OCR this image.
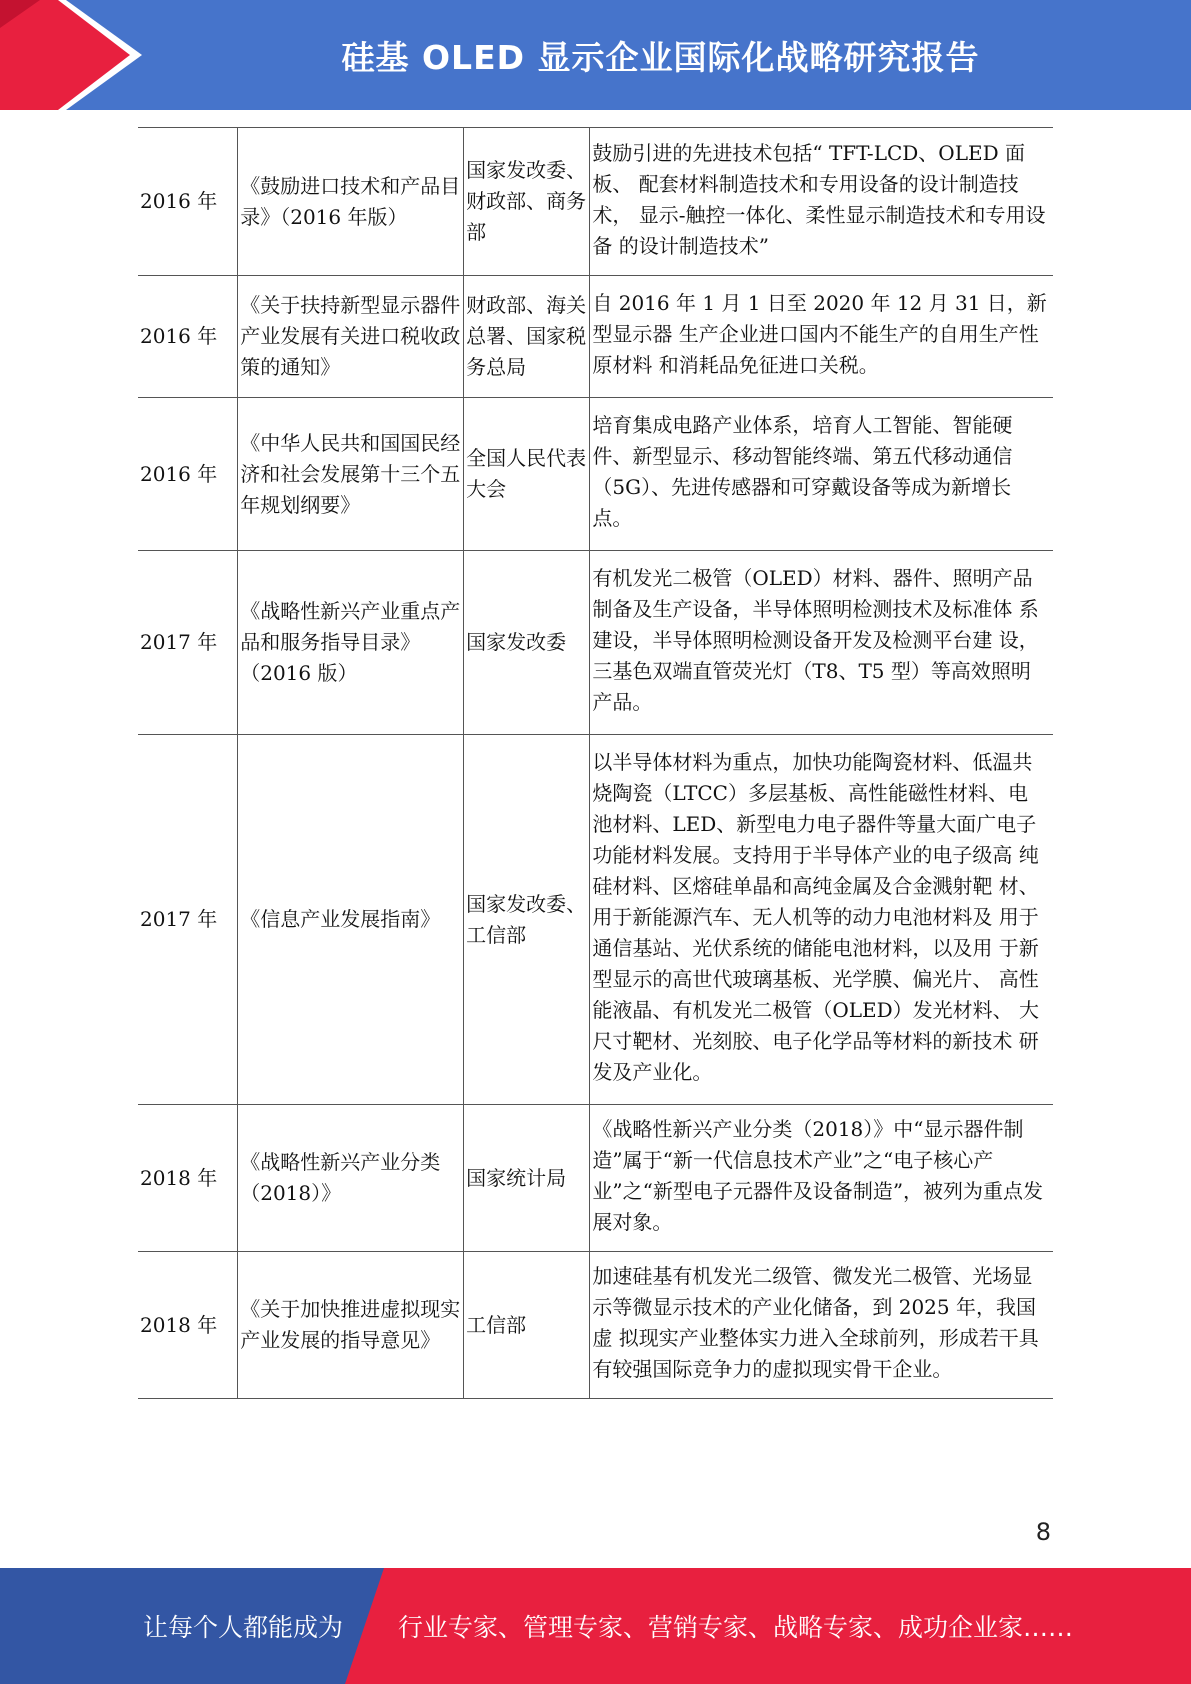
硅基 OLED 显示企业国际化战略研究报告
2016 年	《鼓励进口技术和产品目录》（2016 年版）	国家发改委、财政部、商务部	鼓励引进的先进技术包括“ TFT-LCD、OLED 面板、 配套材料制造技术和专用设备的设计制造技术， 显示-触控一体化、柔性显示制造技术和专用设备 的设计制造技术”
2016 年	《关于扶持新型显示器件产业发展有关进口税收政策的通知》	财政部、海关总署、国家税务总局	自 2016 年 1 月 1 日至 2020 年 12 月 31 日，新型显示器 生产企业进口国内不能生产的自用生产性原材料 和消耗品免征进口关税。
2016 年	《中华人民共和国国民经济和社会发展第十三个五年规划纲要》	全国人民代表大会	培育集成电路产业体系，培育人工智能、智能硬件、新型显示、移动智能终端、第五代移动通信（5G）、先进传感器和可穿戴设备等成为新增长点。
2017 年	《战略性新兴产业重点产品和服务指导目录》（2016 版）	国家发改委	有机发光二极管（OLED）材料、器件、照明产品 制备及生产设备，半导体照明检测技术及标准体 系建设，半导体照明检测设备开发及检测平台建 设，三基色双端直管荧光灯（T8、T5 型）等高效照明 产品。
2017 年	《信息产业发展指南》	国家发改委、工信部	以半导体材料为重点，加快功能陶瓷材料、低温共 烧陶瓷（LTCC）多层基板、高性能磁性材料、电 池材料、LED、新型电力电子器件等量大面广电子 功能材料发展。支持用于半导体产业的电子级高 纯硅材料、区熔硅单晶和高纯金属及合金溅射靶 材、用于新能源汽车、无人机等的动力电池材料及 用于通信基站、光伏系统的储能电池材料，以及用 于新型显示的高世代玻璃基板、光学膜、偏光片、 高性能液晶、有机发光二极管（OLED）发光材料、 大尺寸靶材、光刻胶、电子化学品等材料的新技术 研发及产业化。
2018 年	《战略性新兴产业分类（2018）》	国家统计局	《战略性新兴产业分类（2018）》中“显示器件制造”属于“新一代信息技术产业”之“电子核心产业”之“新型电子元器件及设备制造”，被列为重点发展对象。
2018 年	《关于加快推进虚拟现实产业发展的指导意见》	工信部	加速硅基有机发光二级管、微发光二极管、光场显 示等微显示技术的产业化储备，到 2025 年，我国虚 拟现实产业整体实力进入全球前列，形成若干具 有较强国际竞争力的虚拟现实骨干企业。
8
让每个人都能成为 行业专家、管理专家、营销专家、战略专家、成功企业家……
